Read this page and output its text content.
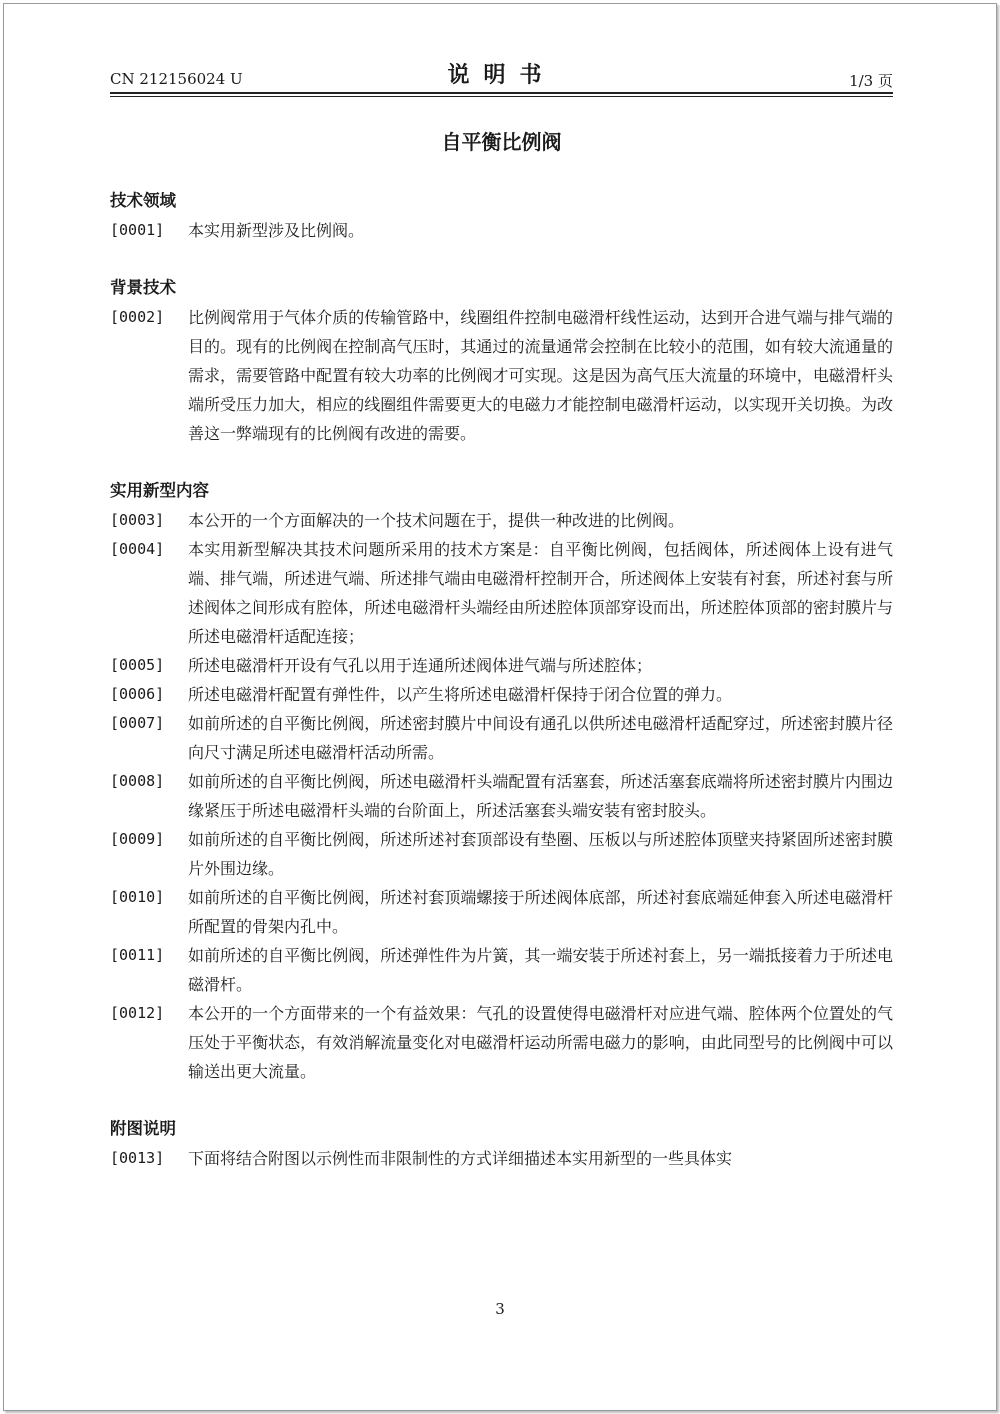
CN 212156024 U	说明书	1/3 页
自平衡比例阀

技术领域

[0001]	本实用新型涉及比例阀。

背景技术

[0002]	比例阀常用于气体介质的传输管路中，线圈组件控制电磁滑杆线性运动，达到开合进气端与排气端的目的。现有的比例阀在控制高气压时，其通过的流量通常会控制在比较小的范围，如有较大流通量的需求，需要管路中配置有较大功率的比例阀才可实现。这是因为高气压大流量的环境中，电磁滑杆头端所受压力加大，相应的线圈组件需要更大的电磁力才能控制电磁滑杆运动，以实现开关切换。为改善这一弊端现有的比例阀有改进的需要。

实用新型内容

[0003]	本公开的一个方面解决的一个技术问题在于，提供一种改进的比例阀。
[0004]	本实用新型解决其技术问题所采用的技术方案是：自平衡比例阀，包括阀体，所述阀体上设有进气端、排气端，所述进气端、所述排气端由电磁滑杆控制开合，所述阀体上安装有衬套，所述衬套与所述阀体之间形成有腔体，所述电磁滑杆头端经由所述腔体顶部穿设而出，所述腔体顶部的密封膜片与所述电磁滑杆适配连接；
[0005]	所述电磁滑杆开设有气孔以用于连通所述阀体进气端与所述腔体；
[0006]	所述电磁滑杆配置有弹性件，以产生将所述电磁滑杆保持于闭合位置的弹力。
[0007]	如前所述的自平衡比例阀，所述密封膜片中间设有通孔以供所述电磁滑杆适配穿过，所述密封膜片径向尺寸满足所述电磁滑杆活动所需。
[0008]	如前所述的自平衡比例阀，所述电磁滑杆头端配置有活塞套，所述活塞套底端将所述密封膜片内围边缘紧压于所述电磁滑杆头端的台阶面上，所述活塞套头端安装有密封胶头。
[0009]	如前所述的自平衡比例阀，所述所述衬套顶部设有垫圈、压板以与所述腔体顶壁夹持紧固所述密封膜片外围边缘。
[0010]	如前所述的自平衡比例阀，所述衬套顶端螺接于所述阀体底部，所述衬套底端延伸套入所述电磁滑杆所配置的骨架内孔中。
[0011]	如前所述的自平衡比例阀，所述弹性件为片簧，其一端安装于所述衬套上，另一端抵接着力于所述电磁滑杆。
[0012]	本公开的一个方面带来的一个有益效果：气孔的设置使得电磁滑杆对应进气端、腔体两个位置处的气压处于平衡状态，有效消解流量变化对电磁滑杆运动所需电磁力的影响，由此同型号的比例阀中可以输送出更大流量。

附图说明

[0013]	下面将结合附图以示例性而非限制性的方式详细描述本实用新型的一些具体实
3
